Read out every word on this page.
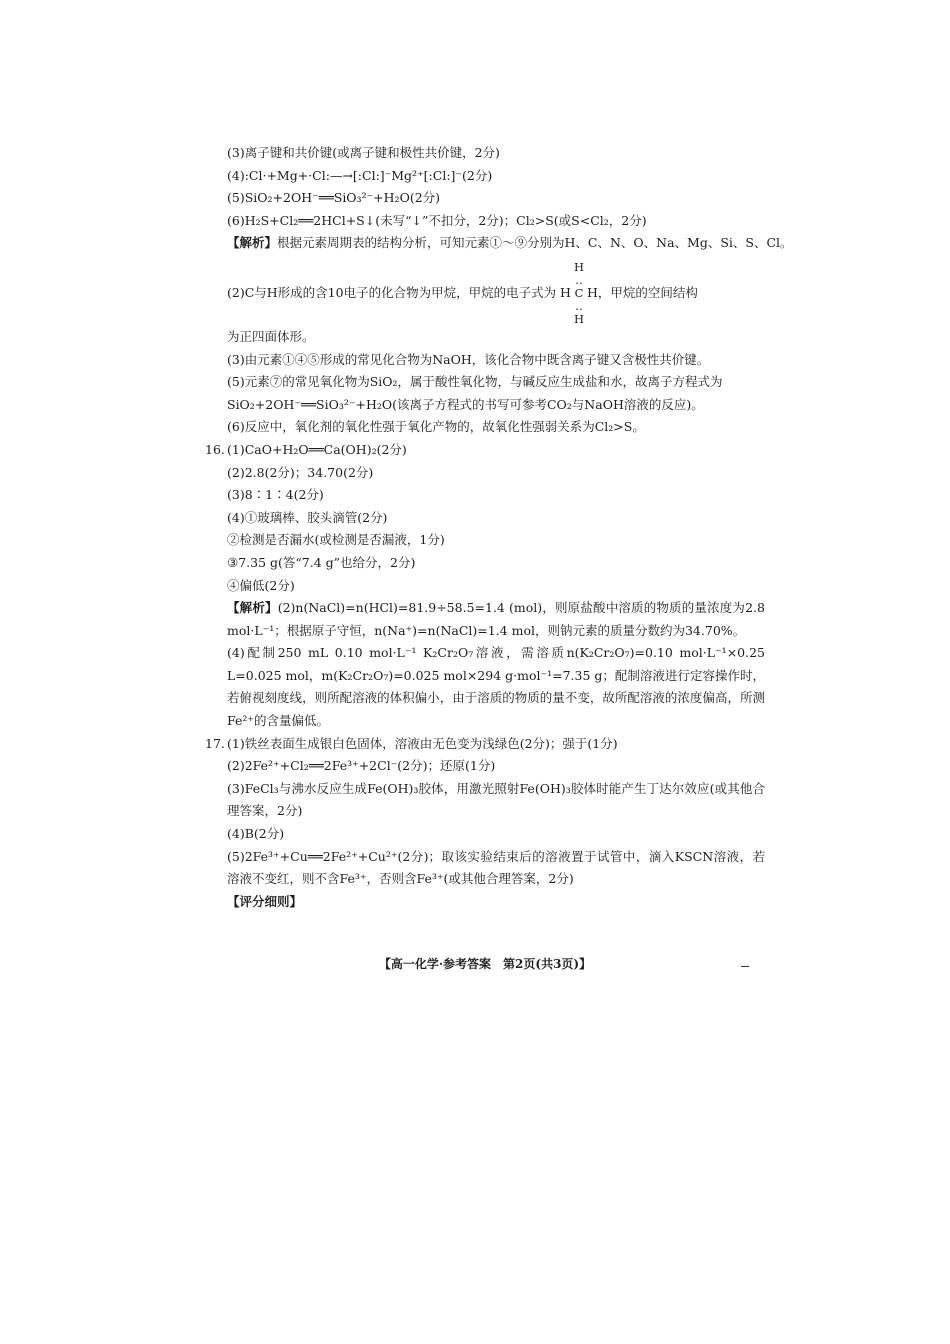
(3)离子键和共价键(或离子键和极性共价键，2分)
(4):Cl·+Mg+·Cl:—→[:Cl:]⁻Mg²⁺[:Cl:]⁻(2分)
(5)SiO₂+2OH⁻══SiO₃²⁻+H₂O(2分)
(6)H₂S+Cl₂══2HCl+S↓(未写“↓”不扣分，2分)；Cl₂>S(或S<Cl₂，2分)
【解析】根据元素周期表的结构分析，可知元素①～⑨分别为H、C、N、O、Na、Mg、Si、S、Cl。
(2)C与H形成的含10电子的化合物为甲烷，甲烷的电子式为 HH
‥
C
‥
HH，甲烷的空间结构
为正四面体形。
(3)由元素①④⑤形成的常见化合物为NaOH，该化合物中既含离子键又含极性共价键。
(5)元素⑦的常见氧化物为SiO₂，属于酸性氧化物，与碱反应生成盐和水，故离子方程式为
SiO₂+2OH⁻══SiO₃²⁻+H₂O(该离子方程式的书写可参考CO₂与NaOH溶液的反应)。
(6)反应中，氧化剂的氧化性强于氧化产物的，故氧化性强弱关系为Cl₂>S。
16. (1)CaO+H₂O══Ca(OH)₂(2分)
(2)2.8(2分)；34.70(2分)
(3)8∶1∶4(2分)
(4)①玻璃棒、胶头滴管(2分)
②检测是否漏水(或检测是否漏液，1分)
③7.35 g(答“7.4 g”也给分，2分)
④偏低(2分)
【解析】(2)n(NaCl)=n(HCl)=81.9÷58.5=1.4 (mol)，则原盐酸中溶质的物质的量浓度为2.8 mol·L⁻¹；根据原子守恒，n(Na⁺)=n(NaCl)=1.4 mol，则钠元素的质量分数约为34.70%。
(4)配制250 mL 0.10 mol·L⁻¹ K₂Cr₂O₇溶液，需溶质n(K₂Cr₂O₇)=0.10 mol·L⁻¹×0.25 L=0.025 mol，m(K₂Cr₂O₇)=0.025 mol×294 g·mol⁻¹=7.35 g；配制溶液进行定容操作时，若俯视刻度线，则所配溶液的体积偏小，由于溶质的物质的量不变，故所配溶液的浓度偏高，所测Fe²⁺的含量偏低。
17. (1)铁丝表面生成银白色固体，溶液由无色变为浅绿色(2分)；强于(1分)
(2)2Fe²⁺+Cl₂══2Fe³⁺+2Cl⁻(2分)；还原(1分)
(3)FeCl₃与沸水反应生成Fe(OH)₃胶体，用激光照射Fe(OH)₃胶体时能产生丁达尔效应(或其他合理答案，2分)
(4)B(2分)
(5)2Fe³⁺+Cu══2Fe²⁺+Cu²⁺(2分)；取该实验结束后的溶液置于试管中，滴入KSCN溶液，若溶液不变红，则不含Fe³⁺，否则含Fe³⁺(或其他合理答案，2分)
【评分细则】
【高一化学·参考答案　第2页(共3页)】
